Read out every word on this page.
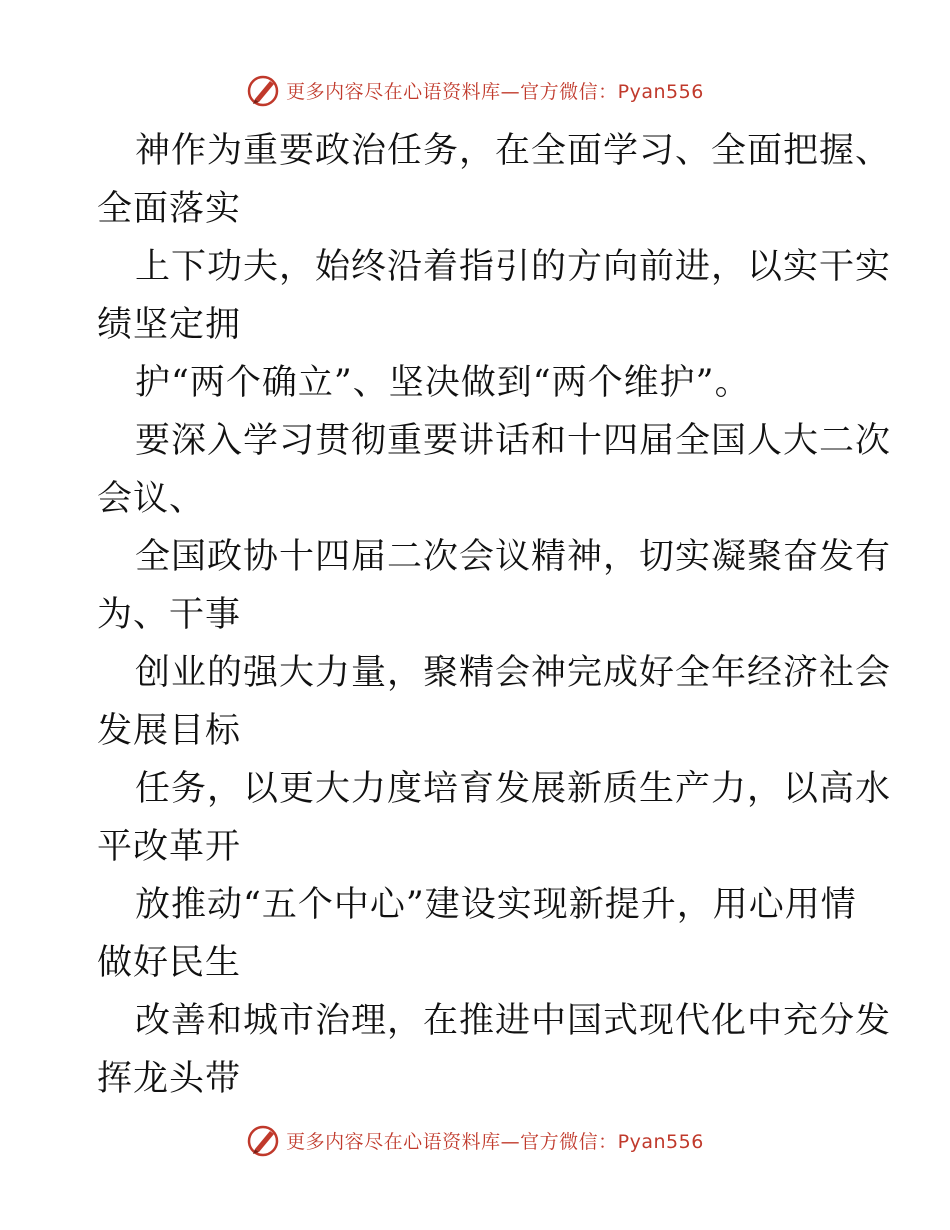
更多内容尽在心语资料库—官方微信：Pyan556
神作为重要政治任务，在全面学习、全面把握、
全面落实
上下功夫，始终沿着指引的方向前进，以实干实
绩坚定拥
护“两个确立”、坚决做到“两个维护”。
要深入学习贯彻重要讲话和十四届全国人大二次
会议、
全国政协十四届二次会议精神，切实凝聚奋发有
为、干事
创业的强大力量，聚精会神完成好全年经济社会
发展目标
任务，以更大力度培育发展新质生产力，以高水
平改革开
放推动“五个中心”建设实现新提升，用心用情
做好民生
改善和城市治理，在推进中国式现代化中充分发
挥龙头带
更多内容尽在心语资料库—官方微信：Pyan556
